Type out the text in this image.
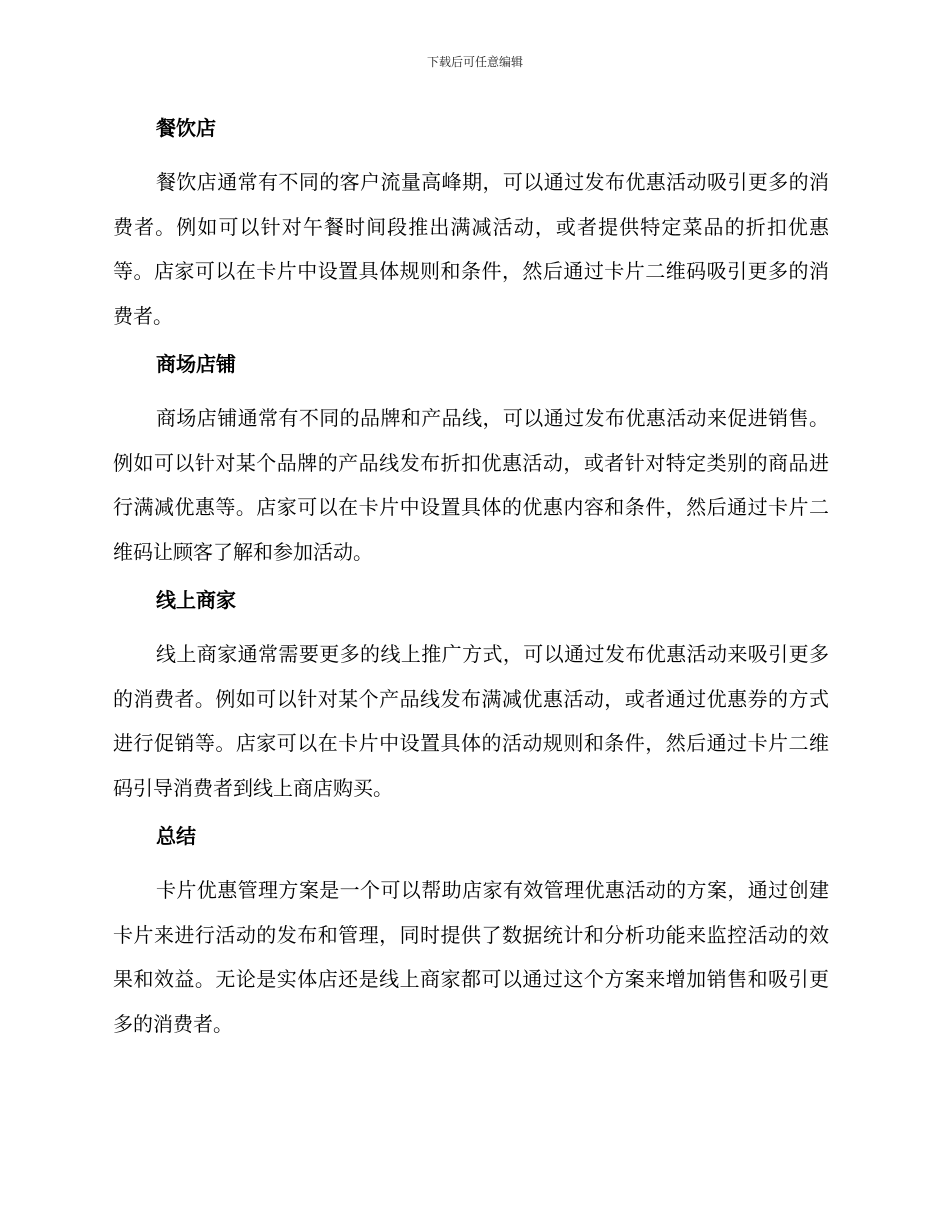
下载后可任意编辑
餐饮店

餐饮店通常有不同的客户流量高峰期，可以通过发布优惠活动吸引更多的消费者。例如可以针对午餐时间段推出满减活动，或者提供特定菜品的折扣优惠等。店家可以在卡片中设置具体规则和条件，然后通过卡片二维码吸引更多的消费者。

商场店铺

商场店铺通常有不同的品牌和产品线，可以通过发布优惠活动来促进销售。例如可以针对某个品牌的产品线发布折扣优惠活动，或者针对特定类别的商品进行满减优惠等。店家可以在卡片中设置具体的优惠内容和条件，然后通过卡片二维码让顾客了解和参加活动。

线上商家

线上商家通常需要更多的线上推广方式，可以通过发布优惠活动来吸引更多的消费者。例如可以针对某个产品线发布满减优惠活动，或者通过优惠券的方式进行促销等。店家可以在卡片中设置具体的活动规则和条件，然后通过卡片二维码引导消费者到线上商店购买。

总结

卡片优惠管理方案是一个可以帮助店家有效管理优惠活动的方案，通过创建卡片来进行活动的发布和管理，同时提供了数据统计和分析功能来监控活动的效果和效益。无论是实体店还是线上商家都可以通过这个方案来增加销售和吸引更多的消费者。
